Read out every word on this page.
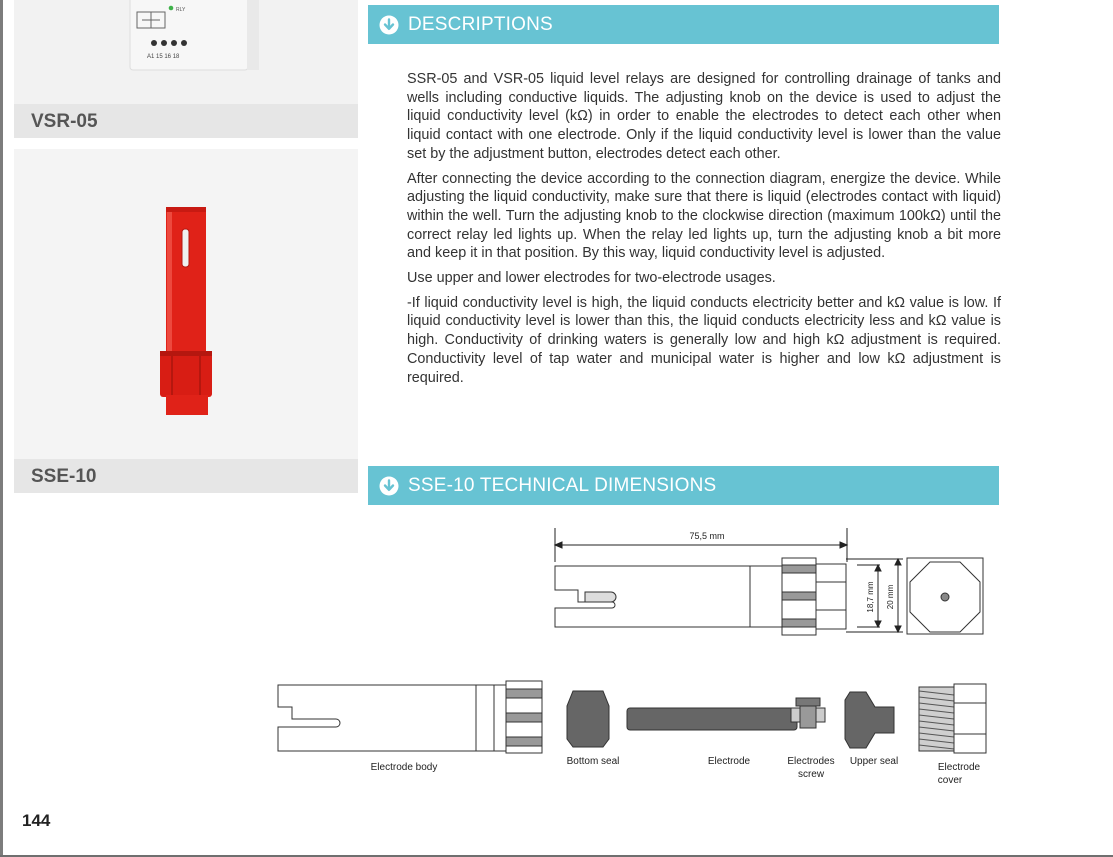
RLY
A1 15 16 18
VSR-05
SSE-10
DESCRIPTIONS

SSR-05 and VSR-05 liquid level relays are designed for controlling drainage of tanks and wells including conductive liquids. The adjusting knob on the device is used to adjust the liquid conductivity level (kΩ) in order to enable the electrodes to detect each other when liquid contact with one electrode. Only if the liquid conductivity level is lower than the value set by the adjustment button, electrodes detect each other.

After connecting the device according to the connection diagram, energize the device. While adjusting the liquid conductivity, make sure that there is liquid (electrodes contact with liquid) within the well. Turn the adjusting knob to the clockwise direction (maximum 100kΩ) until the correct relay led lights up. When the relay led lights up, turn the adjusting knob a bit more and keep it in that position. By this way, liquid conductivity level is adjusted.

Use upper and lower electrodes for two-electrode usages.

-If liquid conductivity level is high, the liquid conducts electricity better and kΩ value is low. If liquid conductivity level is lower than this, the liquid conducts electricity less and kΩ value is high. Conductivity of drinking waters is generally low and high kΩ adjustment is required. Conductivity level of tap water and municipal water is higher and low kΩ adjustment is required.

SSE-10 TECHNICAL DIMENSIONS
75,5 mm
18,7 mm 20 mm
Electrode body
Bottom seal	Electrode	Electrodes
screw
Upper seal
Electrode
cover
144
